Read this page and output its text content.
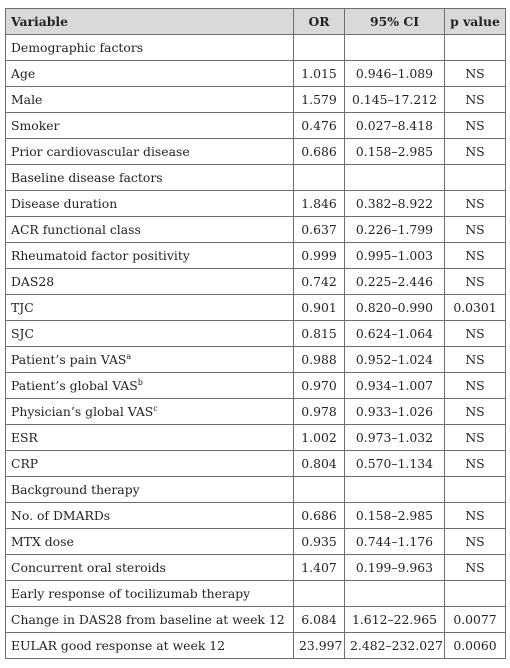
Variable	OR	95% CI	p value
Demographic factors			
Age	1.015	0.946–1.089	NS
Male	1.579	0.145–17.212	NS
Smoker	0.476	0.027–8.418	NS
Prior cardiovascular disease	0.686	0.158–2.985	NS
Baseline disease factors			
Disease duration	1.846	0.382–8.922	NS
ACR functional class	0.637	0.226–1.799	NS
Rheumatoid factor positivity	0.999	0.995–1.003	NS
DAS28	0.742	0.225–2.446	NS
TJC	0.901	0.820–0.990	0.0301
SJC	0.815	0.624–1.064	NS
Patient’s pain VAS$^a$	0.988	0.952–1.024	NS
Patient’s global VAS$^b$	0.970	0.934–1.007	NS
Physician’s global VAS$^c$	0.978	0.933–1.026	NS
ESR	1.002	0.973–1.032	NS
CRP	0.804	0.570–1.134	NS
Background therapy			
No. of DMARDs	0.686	0.158–2.985	NS
MTX dose	0.935	0.744–1.176	NS
Concurrent oral steroids	1.407	0.199–9.963	NS
Early response of tocilizumab therapy			
Change in DAS28 from baseline at week 12	6.084	1.612–22.965	0.0077
EULAR good response at week 12	23.997	2.482–232.027	0.0060
